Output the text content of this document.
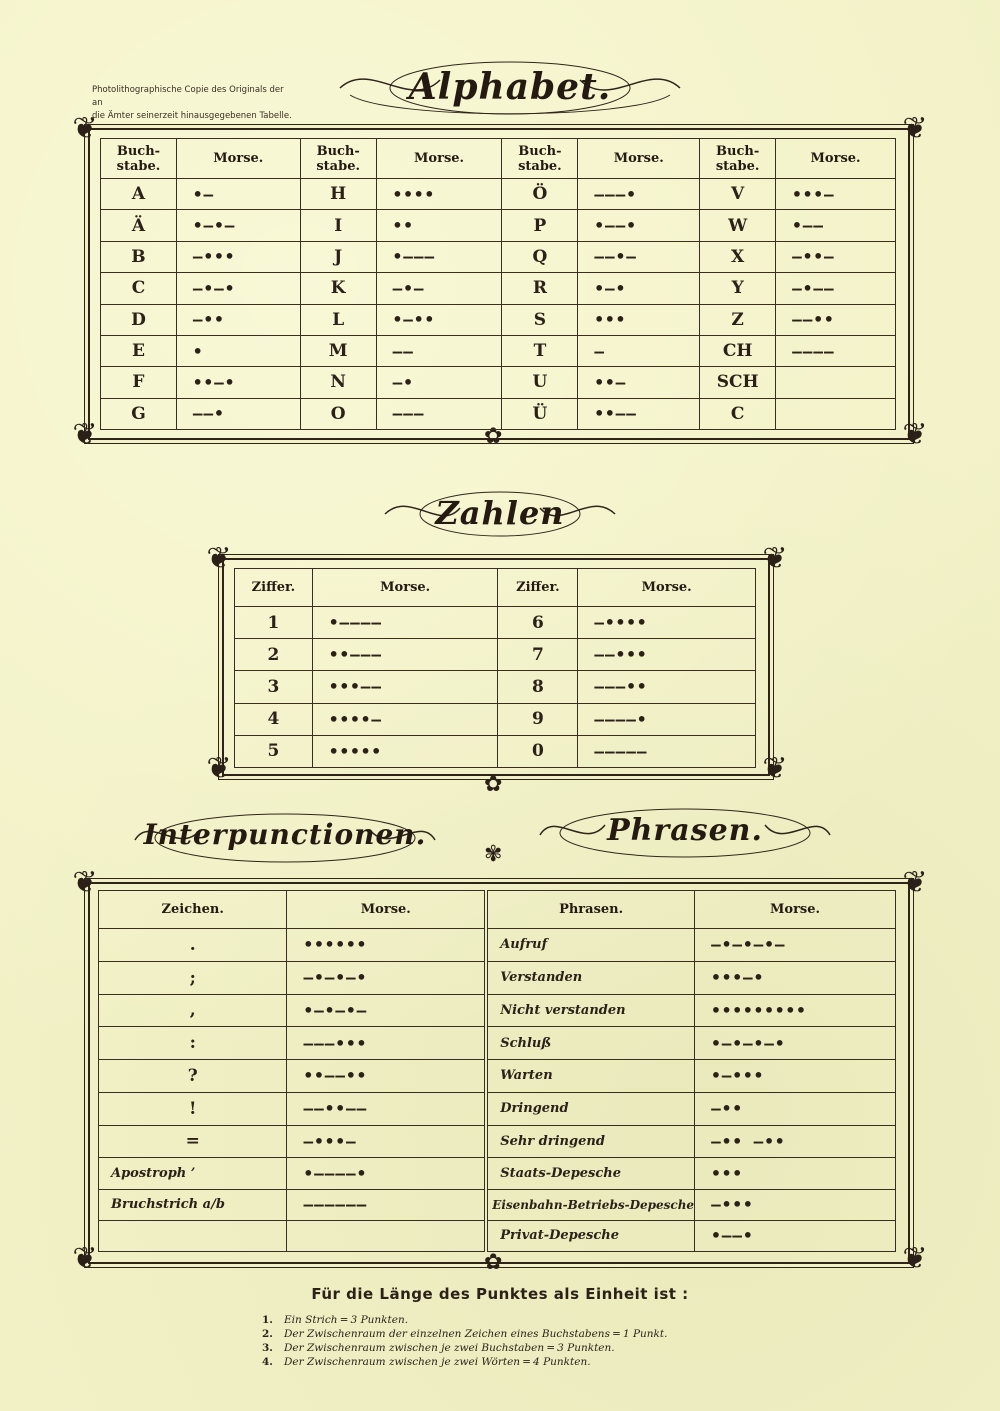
Photolithographische Copie des Originals der an
die Ämter seinerzeit hinausgegebenen Tabelle.
Alphabet.
❦	❦
❦	❦
✿
Buch-stabe.	Morse.	Buch-stabe.	Morse.	Buch-stabe.	Morse.	Buch-stabe.	Morse.
A	•—	H	••••	Ö	———•	V	•••—
Ä	•—•—	I	••	P	•——•	W	•——
B	—•••	J	•———	Q	——•—	X	—••—
C	—•—•	K	—•—	R	•—•	Y	—•——
D	—••	L	•—••	S	•••	Z	——••
E	•	M	——	T	—	CH	————
F	••—•	N	—•	U	••—	SCH	
G	——•	O	———	Ü	••——	C	
Zahlen
❦	❦
❦	❦
✿
Ziffer.	Morse.	Ziffer.	Morse.
1	•————	6	—••••
2	••———	7	——•••
3	•••——	8	———••
4	••••—	9	————•
5	•••••	0	—————
Interpunctionen.	Phrasen.
✾
❦	❦
❦	❦
✿
Zeichen.	Morse.	Phrasen.	Morse.
.	••••••	Aufruf	—•—•—•—
;	—•—•—•	Verstanden	•••—•
,	•—•—•—	Nicht verstanden	•••••••••
:	———•••	Schluß	•—•—•—•
?	••——••	Warten	•—•••
!	——••——	Dringend	—••
=	—•••—	Sehr dringend	—•• —••
Apostroph ’	•————•	Staats-Depesche	•••
Bruchstrich a/b	——————	Eisenbahn-Betriebs-Depesche	—•••
		Privat-Depesche	•——•
Für die Länge des Punktes als Einheit ist :
1. Ein Strich ═ 3 Punkten.
2. Der Zwischenraum der einzelnen Zeichen eines Buchstabens ═ 1 Punkt.
3. Der Zwischenraum zwischen je zwei Buchstaben ═ 3 Punkten.
4. Der Zwischenraum zwischen je zwei Wörten ═ 4 Punkten.
